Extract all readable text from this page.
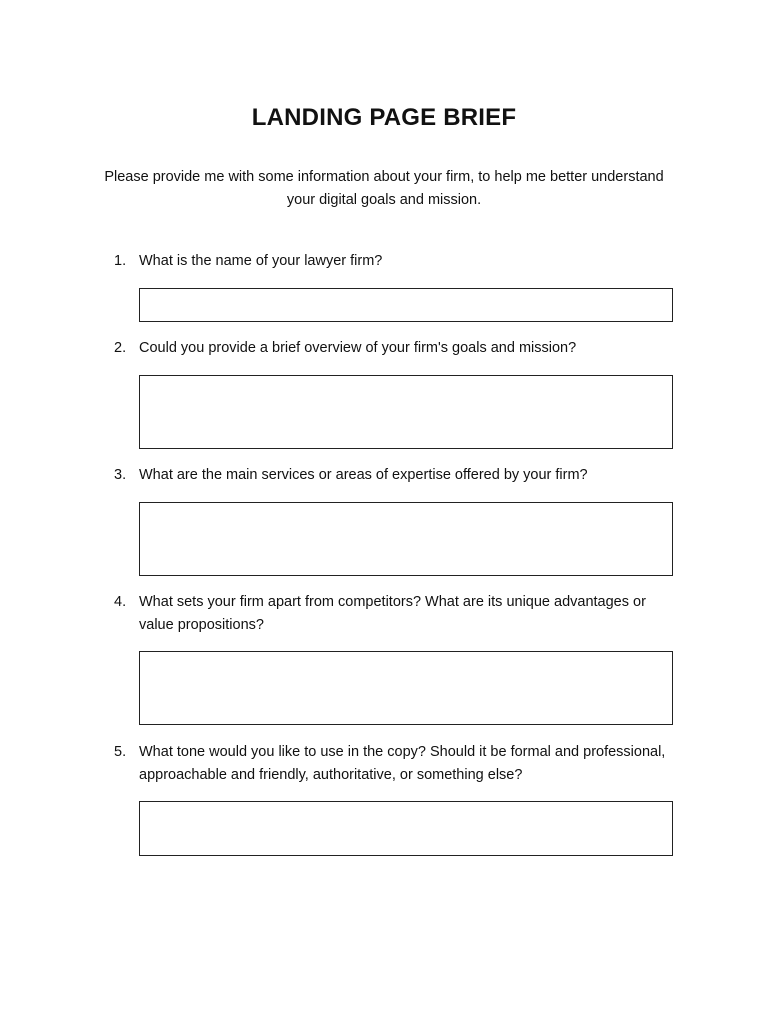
LANDING PAGE BRIEF

Please provide me with some information about your firm, to help me better understand your digital goals and mission.

1. What is the name of your lawyer firm?
2. Could you provide a brief overview of your firm's goals and mission?
3. What are the main services or areas of expertise offered by your firm?
4. What sets your firm apart from competitors? What are its unique advantages or value propositions?
5. What tone would you like to use in the copy? Should it be formal and professional, approachable and friendly, authoritative, or something else?
